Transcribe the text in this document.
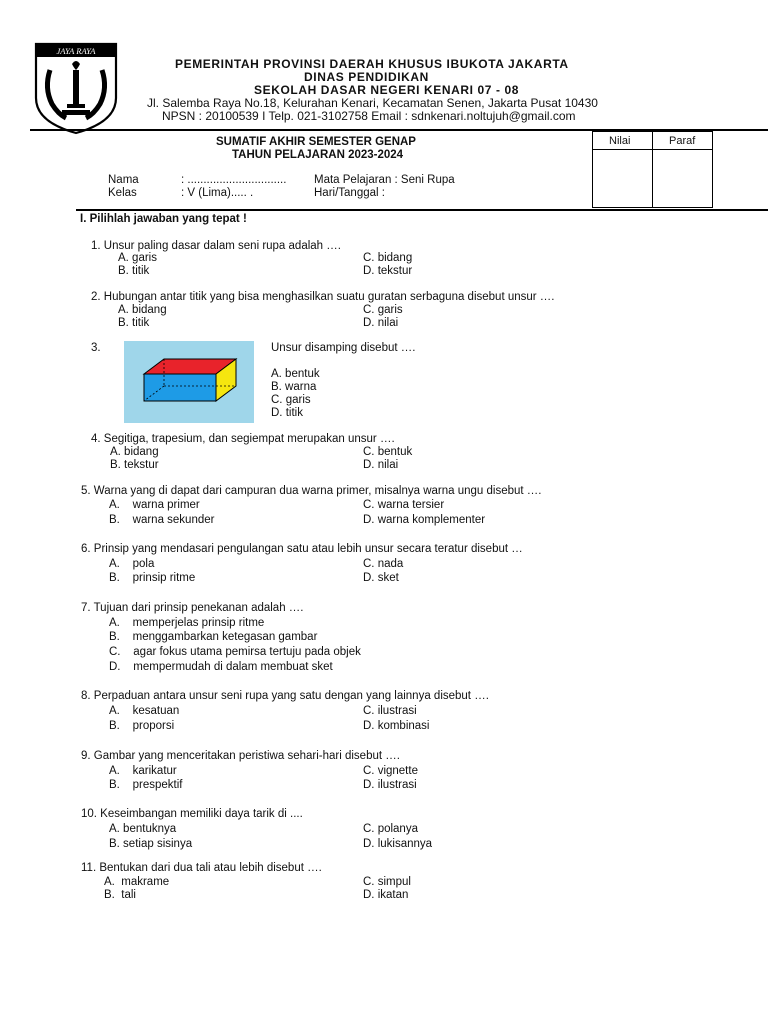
JAYA RAYA
PEMERINTAH PROVINSI DAERAH KHUSUS IBUKOTA JAKARTA
DINAS PENDIDIKAN
SEKOLAH DASAR NEGERI KENARI 07 - 08
Jl. Salemba Raya No.18, Kelurahan Kenari, Kecamatan Senen, Jakarta Pusat 10430
NPSN : 20100539 I Telp. 021-3102758 Email : sdnkenari.noltujuh@gmail.com
SUMATIF AKHIR SEMESTER GENAP
TAHUN PELAJARAN 2023-2024
Nilai	Paraf
Nama	: ............................... Mata Pelajaran : Seni Rupa
Kelas	: V (Lima)..... .	Hari/Tanggal :
I. Pilihlah jawaban yang tepat !
1. Unsur paling dasar dalam seni rupa adalah ….
A. garis	C. bidang
B. titik	D. tekstur
2. Hubungan antar titik yang bisa menghasilkan suatu guratan serbaguna disebut unsur ….
A. bidang	C. garis
B. titik	D. nilai
3.	Unsur disamping disebut ….
A. bentuk
B. warna
C. garis
D. titik
4. Segitiga, trapesium, dan segiempat merupakan unsur ….
A. bidang	C. bentuk
B. tekstur	D. nilai
5. Warna yang di dapat dari campuran dua warna primer, misalnya warna ungu disebut ….
A.    warna primer	C. warna tersier
B.    warna sekunder	D. warna komplementer
6. Prinsip yang mendasari pengulangan satu atau lebih unsur secara teratur disebut …
A.    pola	C. nada
B.    prinsip ritme	D. sket
7. Tujuan dari prinsip penekanan adalah ….
A.    memperjelas prinsip ritme
B.    menggambarkan ketegasan gambar
C.    agar fokus utama pemirsa tertuju pada objek
D.    mempermudah di dalam membuat sket
8. Perpaduan antara unsur seni rupa yang satu dengan yang lainnya disebut ….
A.    kesatuan	C. ilustrasi
B.    proporsi	D. kombinasi
9. Gambar yang menceritakan peristiwa sehari-hari disebut ….
A.    karikatur	C. vignette
B.    prespektif	D. ilustrasi
10. Keseimbangan memiliki daya tarik di ....
A. bentuknya	C. polanya
B. setiap sisinya	D. lukisannya
11. Bentukan dari dua tali atau lebih disebut ….
A.  makrame	C. simpul
B.  tali	D. ikatan
